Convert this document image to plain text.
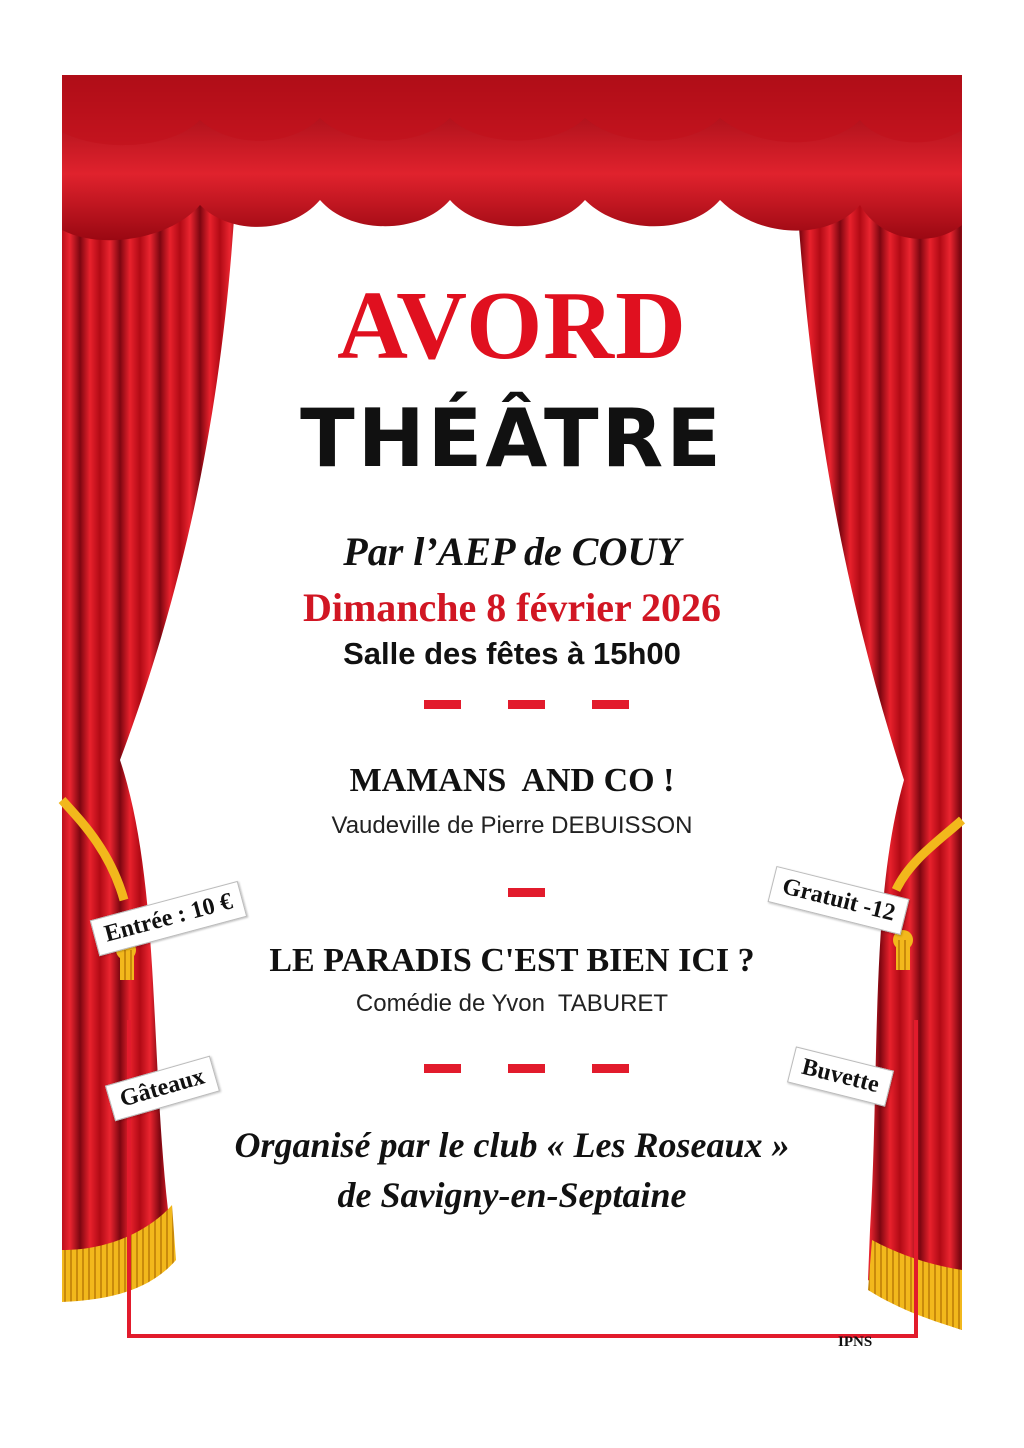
AVORD
THÉÂTRE
Par l’AEP de COUY
Dimanche 8 février 2026
Salle des fêtes à 15h00
MAMANS  AND CO !
Vaudeville de Pierre DEBUISSON
LE PARADIS C'EST BIEN ICI ?
Comédie de Yvon  TABURET
Organisé par le club « Les Roseaux »
de Savigny-en-Septaine
Entrée : 10 €	Gratuit -12
Gâteaux	Buvette
IPNS
